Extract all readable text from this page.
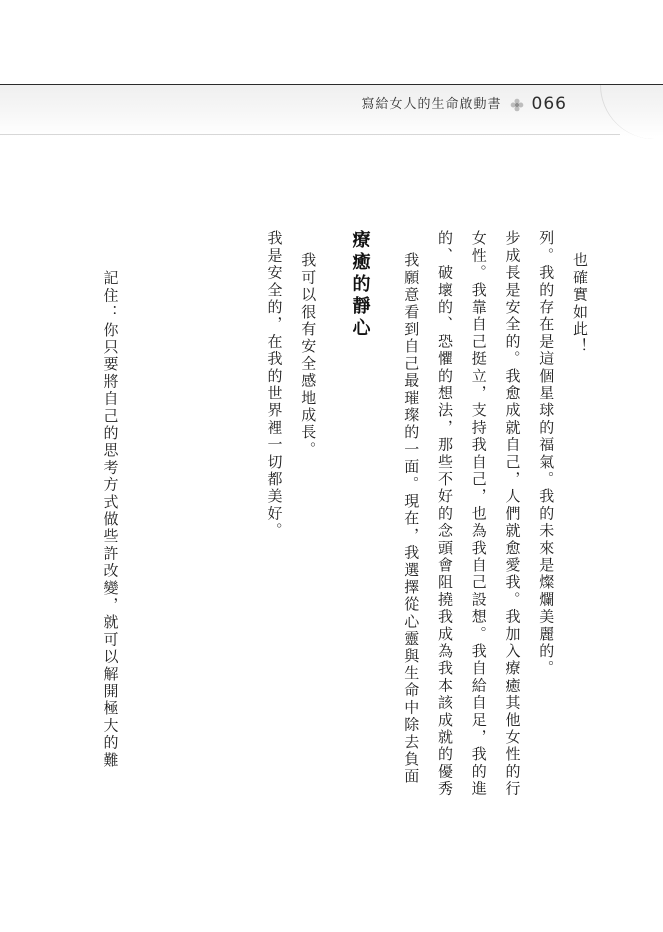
寫給女人的生命啟動書 066
我是安全的，在我的世界裡一切都美好。	我可以很有安全感地成長。	療癒的靜心	我願意看到自己最璀璨的一面。現在，我選擇從心靈與生命中除去負面	的、破壞的、恐懼的想法，那些不好的念頭會阻撓我成為我本該成就的優秀	女性。我靠自己挺立，支持我自己，也為我自己設想。我自給自足，我的進	步成長是安全的。我愈成就自己，人們就愈愛我。我加入療癒其他女性的行	列。我的存在是這個星球的福氣。我的未來是燦爛美麗的。	也確實如此！
記住：你只要將自己的思考方式做些許改變，就可以解開極大的難
